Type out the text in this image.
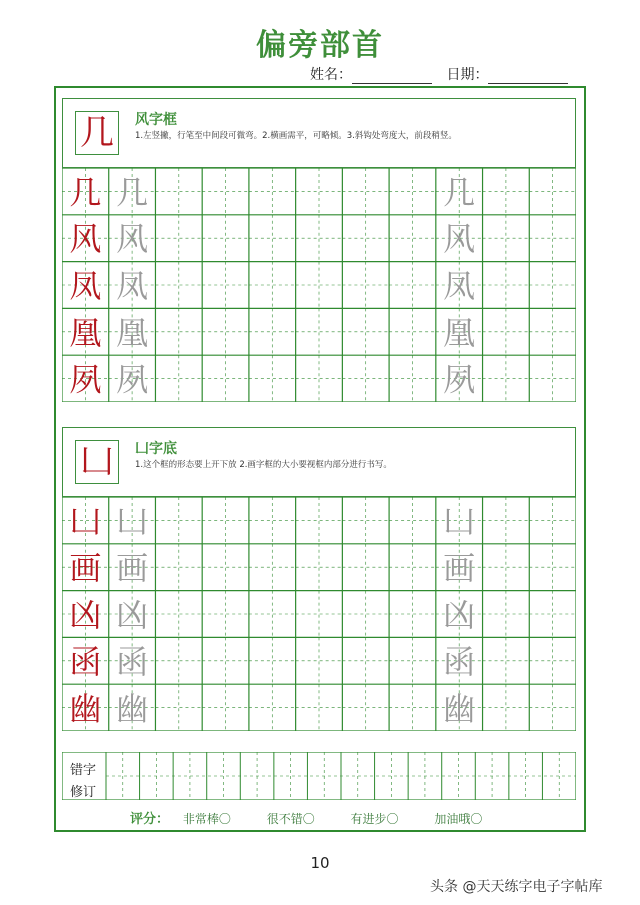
偏旁部首
姓名：	日期：
几	风字框
1.左竖撇，行笔至中间段可微弯。2.横画需平，可略倾。3.斜钩处弯度大，前段稍竖。
几 几	几
风 风	风
凤 凤	凤
凰 凰	凰
夙 夙	夙
凵	凵字底
1.这个框的形态要上开下放 2.画字框的大小要视框内部分进行书写。
凵 凵	凵
画 画	画
凶 凶	凶
函 函	函
幽 幽	幽
错字
修订
评分： 非常棒〇	很不错〇	有进步〇	加油哦〇
10
头条 @天天练字电子字帖库
